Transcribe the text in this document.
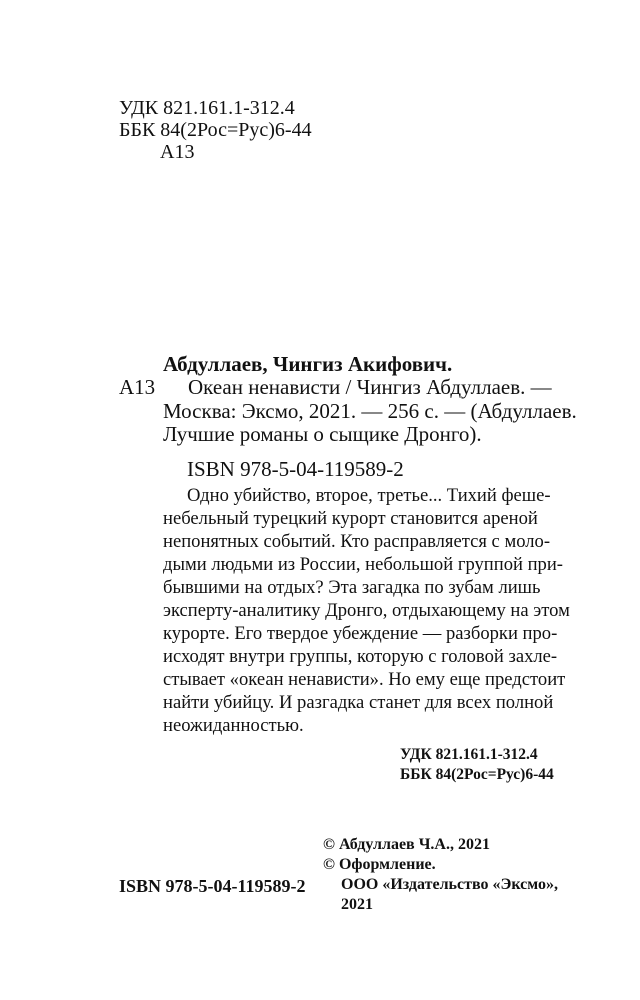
УДК 821.161.1-312.4
ББК 84(2Рос=Рус)6-44
А13
Абдуллаев, Чингиз Акифович.
А13 Океан ненависти / Чингиз Абдуллаев. —
Москва: Эксмо, 2021. — 256 с. — (Абдуллаев.
Лучшие романы о сыщике Дронго).
ISBN 978-5-04-119589-2
Одно убийство, второе, третье... Тихий феше-
небельный турецкий курорт становится ареной
непонятных событий. Кто расправляется с моло-
дыми людьми из России, небольшой группой при-
бывшими на отдых? Эта загадка по зубам лишь
эксперту-аналитику Дронго, отдыхающему на этом
курорте. Его твердое убеждение — разборки про-
исходят внутри группы, которую с головой захле-
стывает «океан ненависти». Но ему еще предстоит
найти убийцу. И разгадка станет для всех полной
неожиданностью.
УДК 821.161.1-312.4
ББК 84(2Рос=Рус)6-44
© Абдуллаев Ч.А., 2021
© Оформление.
ООО «Издательство «Эксмо»,
2021
ISBN 978-5-04-119589-2
